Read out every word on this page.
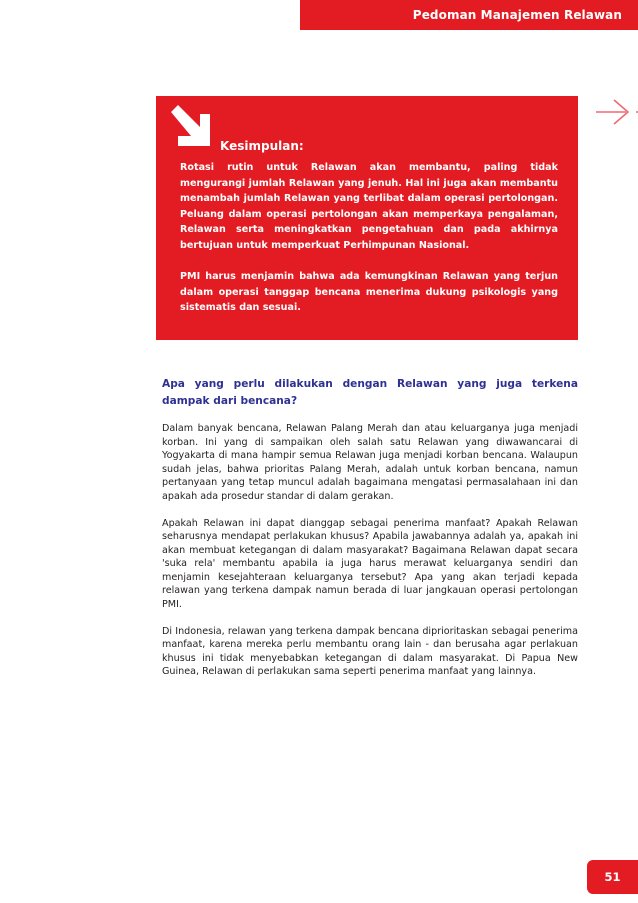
Pedoman Manajemen Relawan
Kesimpulan:

Rotasi rutin untuk Relawan akan membantu, paling tidak mengurangi jumlah Relawan yang jenuh. Hal ini juga akan membantu menambah jumlah Relawan yang terlibat dalam operasi pertolongan. Peluang dalam operasi pertolongan akan memperkaya pengalaman, Relawan serta meningkatkan pengetahuan dan pada akhirnya bertujuan untuk memperkuat Perhimpunan Nasional.

PMI harus menjamin bahwa ada kemungkinan Relawan yang terjun dalam operasi tanggap bencana menerima dukung psikologis yang sistematis dan sesuai.

Apa yang perlu dilakukan dengan Relawan yang juga terkena dampak dari bencana?

Dalam banyak bencana, Relawan Palang Merah dan atau keluarganya juga menjadi korban. Ini yang di sampaikan oleh salah satu Relawan yang diwawancarai di Yogyakarta di mana hampir semua Relawan juga menjadi korban bencana. Walaupun sudah jelas, bahwa prioritas Palang Merah, adalah untuk korban bencana, namun pertanyaan yang tetap muncul adalah bagaimana mengatasi permasalahaan ini dan apakah ada prosedur standar di dalam gerakan.

Apakah Relawan ini dapat dianggap sebagai penerima manfaat? Apakah Relawan seharusnya mendapat perlakukan khusus? Apabila jawabannya adalah ya, apakah ini akan membuat ketegangan di dalam masyarakat? Bagaimana Relawan dapat secara 'suka rela' membantu apabila ia juga harus merawat keluarganya sendiri dan menjamin kesejahteraan keluarganya tersebut? Apa yang akan terjadi kepada relawan yang terkena dampak namun berada di luar jangkauan operasi pertolongan PMI.

Di Indonesia, relawan yang terkena dampak bencana diprioritaskan sebagai penerima manfaat, karena mereka perlu membantu orang lain - dan berusaha agar perlakuan khusus ini tidak menyebabkan ketegangan di dalam masyarakat. Di Papua New Guinea, Relawan di perlakukan sama seperti penerima manfaat yang lainnya.

51
